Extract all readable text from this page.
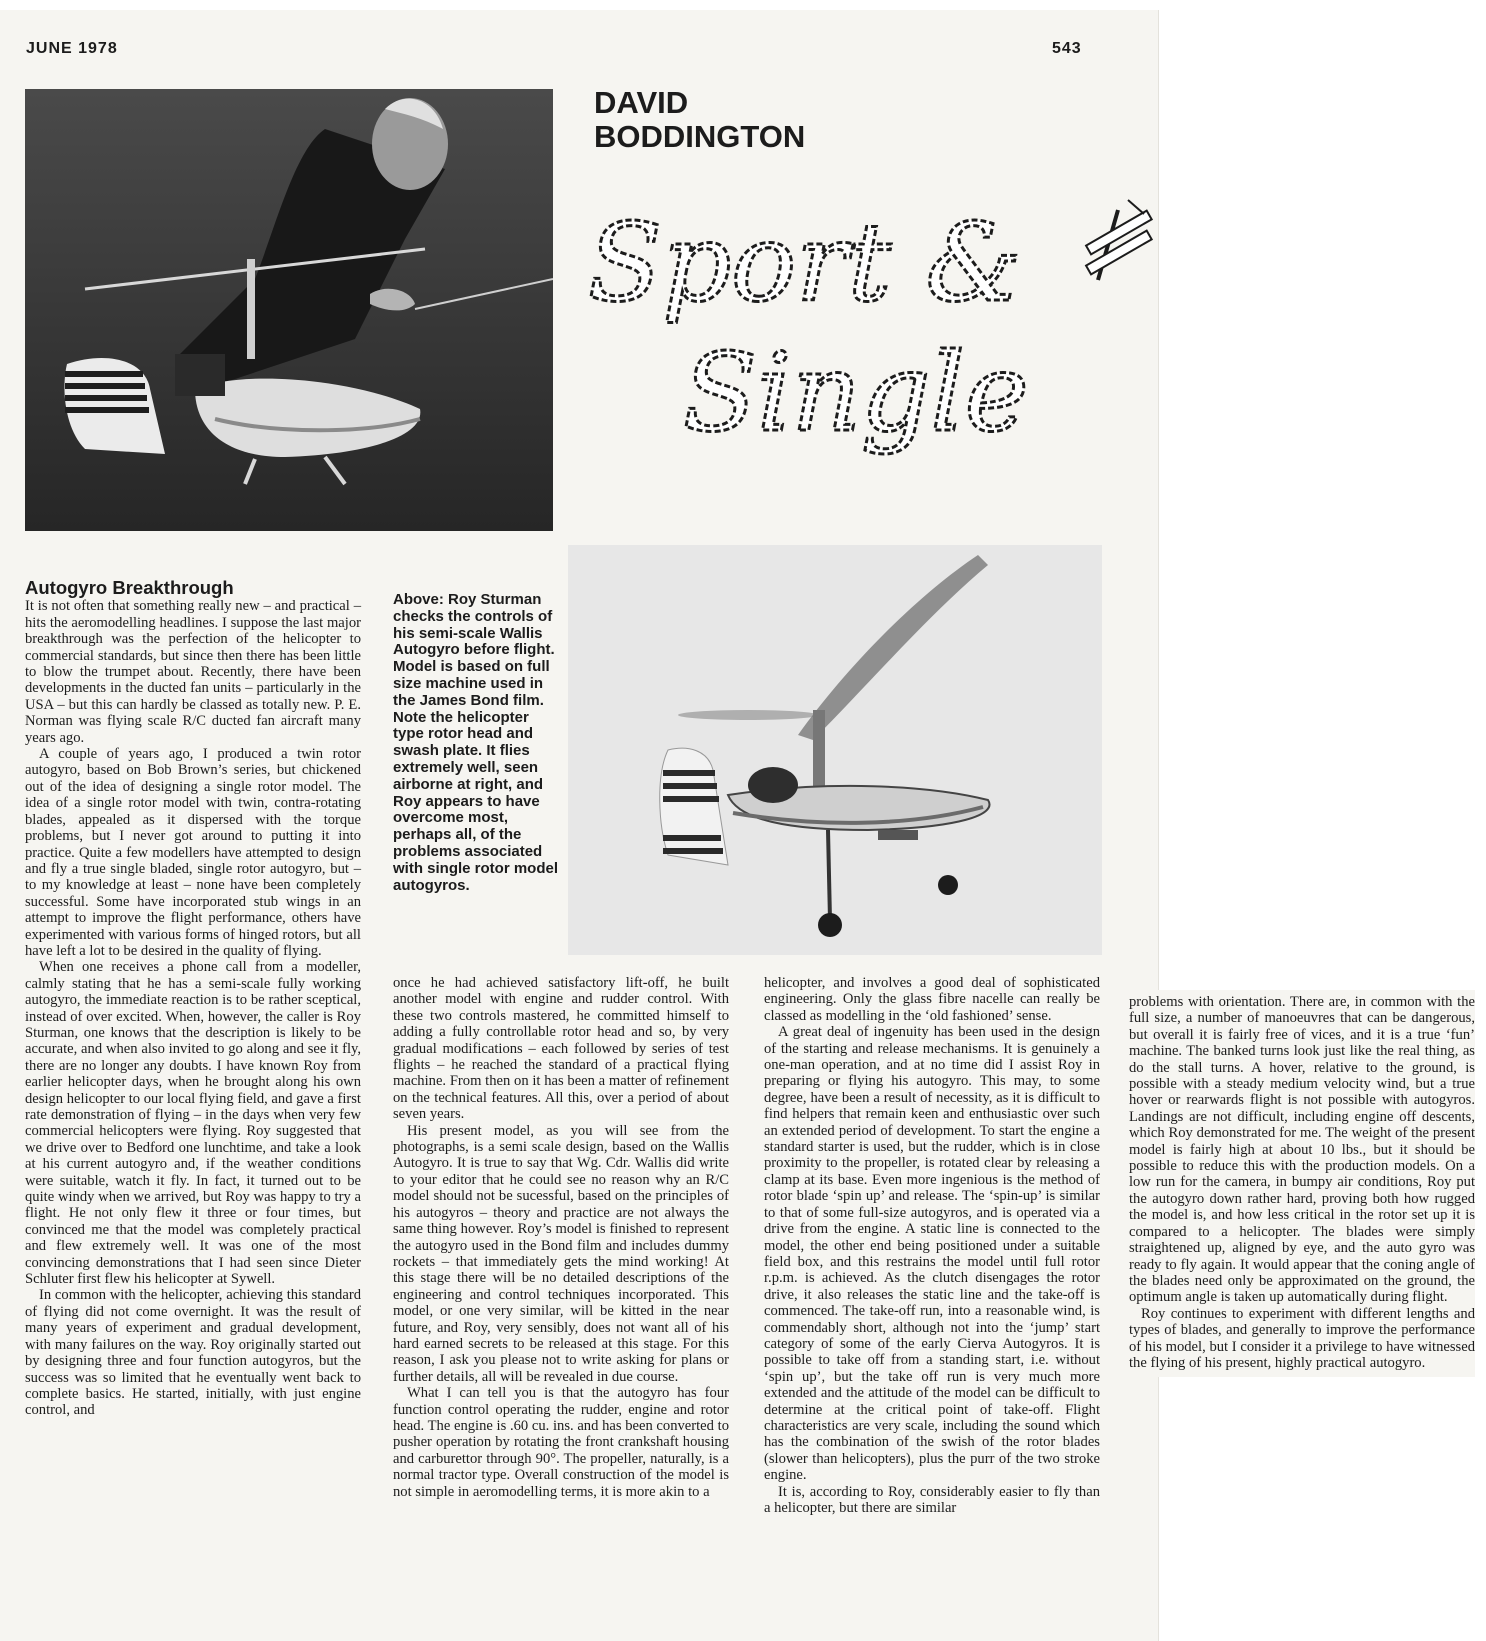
JUNE 1978	543
DAVID
BODDINGTON
Sport &
Single
Above: Roy Sturman checks the controls of his semi-scale Wallis Autogyro before flight. Model is based on full size machine used in the James Bond film. Note the helicopter type rotor head and swash plate. It flies extremely well, seen airborne at right, and Roy appears to have overcome most, perhaps all, of the problems associated with single rotor model autogyros.
Autogyro Breakthrough

It is not often that something really new – and practical – hits the aeromodelling headlines. I suppose the last major breakthrough was the perfection of the helicopter to commercial standards, but since then there has been little to blow the trumpet about. Recently, there have been developments in the ducted fan units – particularly in the USA – but this can hardly be classed as totally new. P. E. Norman was flying scale R/C ducted fan aircraft many years ago.

A couple of years ago, I produced a twin rotor autogyro, based on Bob Brown’s series, but chickened out of the idea of designing a single rotor model. The idea of a single rotor model with twin, contra-rotating blades, appealed as it dispersed with the torque problems, but I never got around to putting it into practice. Quite a few modellers have attempted to design and fly a true single bladed, single rotor autogyro, but – to my knowledge at least – none have been completely successful. Some have incorporated stub wings in an attempt to improve the flight performance, others have experimented with various forms of hinged rotors, but all have left a lot to be desired in the quality of flying.

When one receives a phone call from a modeller, calmly stating that he has a semi-scale fully working autogyro, the immediate reaction is to be rather sceptical, instead of over excited. When, however, the caller is Roy Sturman, one knows that the description is likely to be accurate, and when also invited to go along and see it fly, there are no longer any doubts. I have known Roy from earlier helicopter days, when he brought along his own design helicopter to our local flying field, and gave a first rate demonstration of flying – in the days when very few commercial helicopters were flying. Roy suggested that we drive over to Bedford one lunchtime, and take a look at his current autogyro and, if the weather conditions were suitable, watch it fly. In fact, it turned out to be quite windy when we arrived, but Roy was happy to try a flight. He not only flew it three or four times, but convinced me that the model was completely practical and flew extremely well. It was one of the most convincing demonstrations that I had seen since Dieter Schluter first flew his helicopter at Sywell.

In common with the helicopter, achieving this standard of flying did not come overnight. It was the result of many years of experiment and gradual development, with many failures on the way. Roy originally started out by designing three and four function autogyros, but the success was so limited that he eventually went back to complete basics. He started, initially, with just engine control, and

once he had achieved satisfactory lift-off, he built another model with engine and rudder control. With these two controls mastered, he committed himself to adding a fully controllable rotor head and so, by very gradual modifications – each followed by series of test flights – he reached the standard of a practical flying machine. From then on it has been a matter of refinement on the technical features. All this, over a period of about seven years.

His present model, as you will see from the photographs, is a semi scale design, based on the Wallis Autogyro. It is true to say that Wg. Cdr. Wallis did write to your editor that he could see no reason why an R/C model should not be sucessful, based on the principles of his autogyros – theory and practice are not always the same thing however. Roy’s model is finished to represent the autogyro used in the Bond film and includes dummy rockets – that immediately gets the mind working! At this stage there will be no detailed descriptions of the engineering and control techniques incorporated. This model, or one very similar, will be kitted in the near future, and Roy, very sensibly, does not want all of his hard earned secrets to be released at this stage. For this reason, I ask you please not to write asking for plans or further details, all will be revealed in due course.

What I can tell you is that the autogyro has four function control operating the rudder, engine and rotor head. The engine is .60 cu. ins. and has been converted to pusher operation by rotating the front crankshaft housing and carburettor through 90°. The propeller, naturally, is a normal tractor type. Overall construction of the model is not simple in aeromodelling terms, it is more akin to a

helicopter, and involves a good deal of sophisticated engineering. Only the glass fibre nacelle can really be classed as modelling in the ‘old fashioned’ sense.

A great deal of ingenuity has been used in the design of the starting and release mechanisms. It is genuinely a one-man operation, and at no time did I assist Roy in preparing or flying his autogyro. This may, to some degree, have been a result of necessity, as it is difficult to find helpers that remain keen and enthusiastic over such an extended period of development. To start the engine a standard starter is used, but the rudder, which is in close proximity to the propeller, is rotated clear by releasing a clamp at its base. Even more ingenious is the method of rotor blade ‘spin up’ and release. The ‘spin-up’ is similar to that of some full-size autogyros, and is operated via a drive from the engine. A static line is connected to the model, the other end being positioned under a suitable field box, and this restrains the model until full rotor r.p.m. is achieved. As the clutch disengages the rotor drive, it also releases the static line and the take-off is commenced. The take-off run, into a reasonable wind, is commendably short, although not into the ‘jump’ start category of some of the early Cierva Autogyros. It is possible to take off from a standing start, i.e. without ‘spin up’, but the take off run is very much more extended and the attitude of the model can be difficult to determine at the critical point of take-off. Flight characteristics are very scale, including the sound which has the combination of the swish of the rotor blades (slower than helicopters), plus the purr of the two stroke engine.

It is, according to Roy, considerably easier to fly than a helicopter, but there are similar

problems with orientation. There are, in common with the full size, a number of manoeuvres that can be dangerous, but overall it is fairly free of vices, and it is a true ‘fun’ machine. The banked turns look just like the real thing, as do the stall turns. A hover, relative to the ground, is possible with a steady medium velocity wind, but a true hover or rearwards flight is not possible with autogyros. Landings are not difficult, including engine off descents, which Roy demonstrated for me. The weight of the present model is fairly high at about 10 lbs., but it should be possible to reduce this with the production models. On a low run for the camera, in bumpy air conditions, Roy put the autogyro down rather hard, proving both how rugged the model is, and how less critical in the rotor set up it is compared to a helicopter. The blades were simply straightened up, aligned by eye, and the auto gyro was ready to fly again. It would appear that the coning angle of the blades need only be approximated on the ground, the optimum angle is taken up automatically during flight.

Roy continues to experiment with different lengths and types of blades, and generally to improve the performance of his model, but I consider it a privilege to have witnessed the flying of his present, highly practical autogyro.
